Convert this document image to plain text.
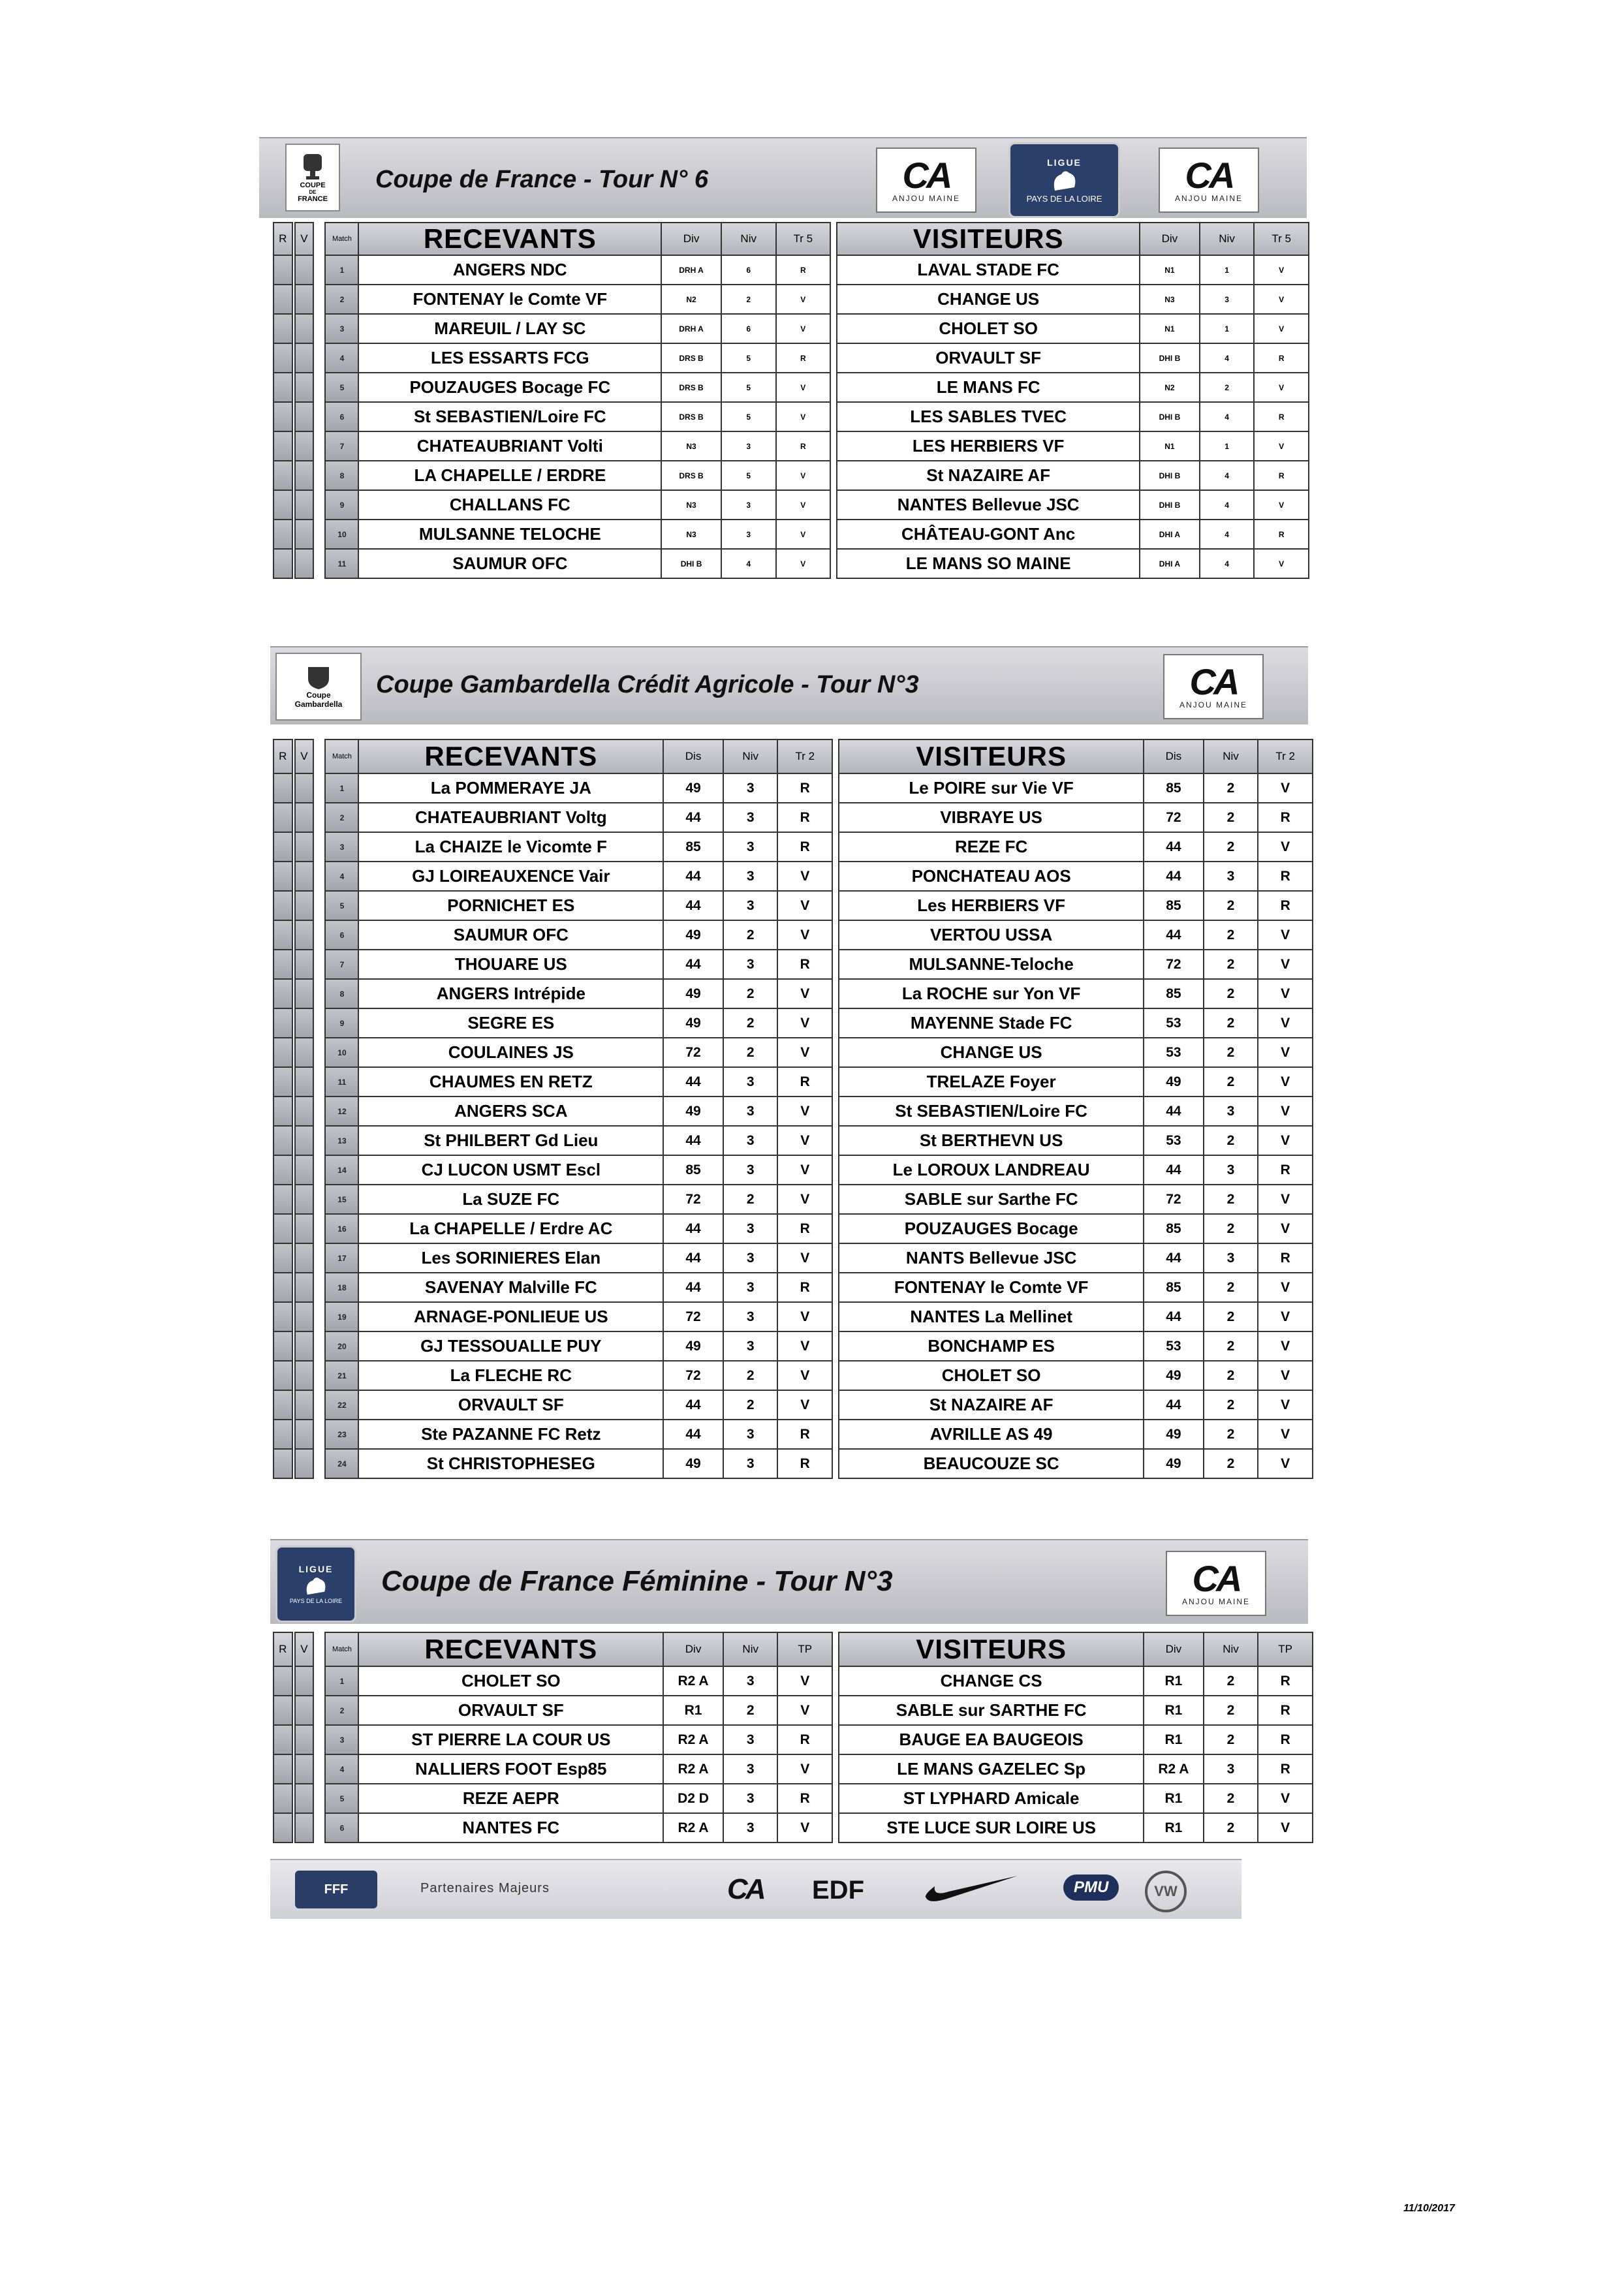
COUPE
DE
FRANCE
Coupe de France - Tour N° 6	CA
ANJOU MAINE
LIGUE
PAYS DE LA LOIRE
CA
ANJOU MAINE
R		V		Match	RECEVANTS	Div	Niv	Tr 5		VISITEURS	Div	Niv	Tr 5
				1	ANGERS NDC	DRH A	6	R		LAVAL STADE FC	N1	1	V
				2	FONTENAY le Comte VF	N2	2	V		CHANGE US	N3	3	V
				3	MAREUIL / LAY SC	DRH A	6	V		CHOLET SO	N1	1	V
				4	LES ESSARTS FCG	DRS B	5	R		ORVAULT SF	DHI B	4	R
				5	POUZAUGES Bocage FC	DRS B	5	V		LE MANS FC	N2	2	V
				6	St SEBASTIEN/Loire FC	DRS B	5	V		LES SABLES TVEC	DHI B	4	R
				7	CHATEAUBRIANT Volti	N3	3	R		LES HERBIERS VF	N1	1	V
				8	LA CHAPELLE / ERDRE	DRS B	5	V		St NAZAIRE AF	DHI B	4	R
				9	CHALLANS FC	N3	3	V		NANTES Bellevue JSC	DHI B	4	V
				10	MULSANNE TELOCHE	N3	3	V		CHÂTEAU-GONT Anc	DHI A	4	R
				11	SAUMUR OFC	DHI B	4	V		LE MANS SO MAINE	DHI A	4	V
Coupe
Gambardella
Coupe Gambardella Crédit Agricole - Tour N°3	CA
ANJOU MAINE
R		V		Match	RECEVANTS	Dis	Niv	Tr 2		VISITEURS	Dis	Niv	Tr 2
				1	La POMMERAYE JA	49	3	R		Le POIRE sur Vie VF	85	2	V
				2	CHATEAUBRIANT Voltg	44	3	R		VIBRAYE US	72	2	R
				3	La CHAIZE le Vicomte F	85	3	R		REZE FC	44	2	V
				4	GJ LOIREAUXENCE Vair	44	3	V		PONCHATEAU AOS	44	3	R
				5	PORNICHET ES	44	3	V		Les HERBIERS VF	85	2	R
				6	SAUMUR OFC	49	2	V		VERTOU USSA	44	2	V
				7	THOUARE US	44	3	R		MULSANNE-Teloche	72	2	V
				8	ANGERS Intrépide	49	2	V		La ROCHE sur Yon VF	85	2	V
				9	SEGRE ES	49	2	V		MAYENNE Stade FC	53	2	V
				10	COULAINES JS	72	2	V		CHANGE US	53	2	V
				11	CHAUMES EN RETZ	44	3	R		TRELAZE Foyer	49	2	V
				12	ANGERS SCA	49	3	V		St SEBASTIEN/Loire FC	44	3	V
				13	St PHILBERT Gd Lieu	44	3	V		St BERTHEVN US	53	2	V
				14	CJ LUCON USMT Escl	85	3	V		Le LOROUX LANDREAU	44	3	R
				15	La SUZE FC	72	2	V		SABLE sur Sarthe FC	72	2	V
				16	La CHAPELLE / Erdre AC	44	3	R		POUZAUGES Bocage	85	2	V
				17	Les SORINIERES Elan	44	3	V		NANTS Bellevue JSC	44	3	R
				18	SAVENAY Malville FC	44	3	R		FONTENAY le Comte VF	85	2	V
				19	ARNAGE-PONLIEUE US	72	3	V		NANTES La Mellinet	44	2	V
				20	GJ TESSOUALLE PUY	49	3	V		BONCHAMP ES	53	2	V
				21	La FLECHE RC	72	2	V		CHOLET SO	49	2	V
				22	ORVAULT SF	44	2	V		St NAZAIRE AF	44	2	V
				23	Ste PAZANNE FC Retz	44	3	R		AVRILLE AS 49	49	2	V
				24	St CHRISTOPHESEG	49	3	R		BEAUCOUZE SC	49	2	V
LIGUE
PAYS DE LA LOIRE
Coupe de France Féminine - Tour N°3	CA
ANJOU MAINE
R		V		Match	RECEVANTS	Div	Niv	TP		VISITEURS	Div	Niv	TP
				1	CHOLET SO	R2 A	3	V		CHANGE CS	R1	2	R
				2	ORVAULT SF	R1	2	V		SABLE sur SARTHE FC	R1	2	R
				3	ST PIERRE LA COUR US	R2 A	3	R		BAUGE EA BAUGEOIS	R1	2	R
				4	NALLIERS FOOT Esp85	R2 A	3	V		LE MANS GAZELEC Sp	R2 A	3	R
				5	REZE AEPR	D2 D	3	R		ST LYPHARD Amicale	R1	2	V
				6	NANTES FC	R2 A	3	V		STE LUCE SUR LOIRE US	R1	2	V
FFF	Partenaires Majeurs	CA EDF	PMU	VW
11/10/2017
